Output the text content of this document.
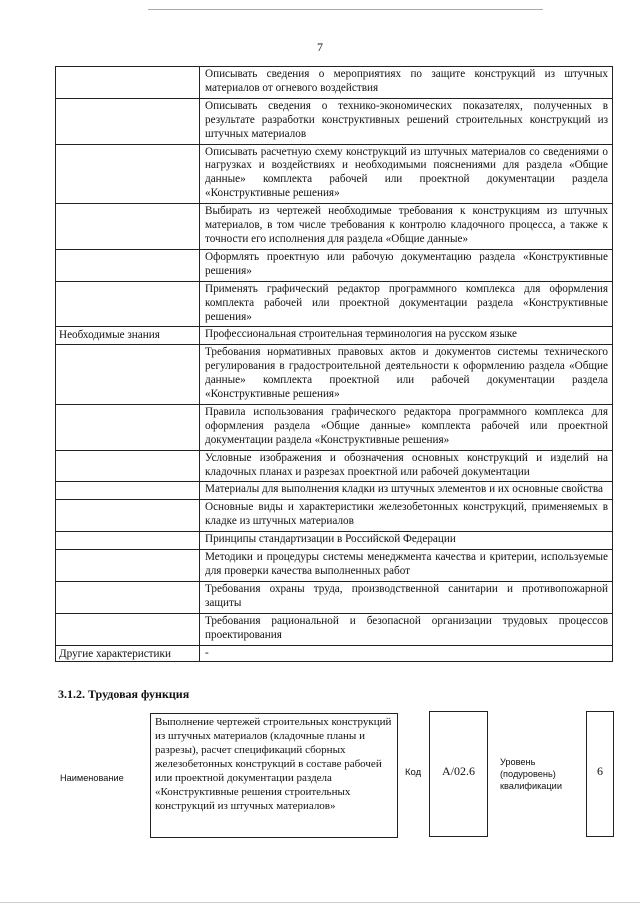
7
	Описывать сведения о мероприятиях по защите конструкций из штучных материалов от огневого воздействия
	Описывать сведения о технико-экономических показателях, полученных в результате разработки конструктивных решений строительных конструкций из штучных материалов
	Описывать расчетную схему конструкций из штучных материалов со сведениями о нагрузках и воздействиях и необходимыми пояснениями для раздела «Общие данные» комплекта рабочей или проектной документации раздела «Конструктивные решения»
	Выбирать из чертежей необходимые требования к конструкциям из штучных материалов, в том числе требования к контролю кладочного процесса, а также к точности его исполнения для раздела «Общие данные»
	Оформлять проектную или рабочую документацию раздела «Конструктивные решения»
	Применять графический редактор программного комплекса для оформления комплекта рабочей или проектной документации раздела «Конструктивные решения»
Необходимые знания	Профессиональная строительная терминология на русском языке
	Требования нормативных правовых актов и документов системы технического регулирования в градостроительной деятельности к оформлению раздела «Общие данные» комплекта проектной или рабочей документации раздела «Конструктивные решения»
	Правила использования графического редактора программного комплекса для оформления раздела «Общие данные» комплекта рабочей или проектной документации раздела «Конструктивные решения»
	Условные изображения и обозначения основных конструкций и изделий на кладочных планах и разрезах проектной или рабочей документации
	Материалы для выполнения кладки из штучных элементов и их основные свойства
	Основные виды и характеристики железобетонных конструкций, применяемых в кладке из штучных материалов
	Принципы стандартизации в Российской Федерации
	Методики и процедуры системы менеджмента качества и критерии, используемые для проверки качества выполненных работ
	Требования охраны труда, производственной санитарии и противопожарной защиты
	Требования рациональной и безопасной организации трудовых процессов проектирования
Другие характеристики	-
3.1.2. Трудовая функция
Наименование
Выполнение чертежей строительных конструкций из штучных материалов (кладочные планы и разрезы), расчет спецификаций сборных железобетонных конструкций в составе рабочей или проектной документации раздела «Конструктивные решения строительных конструкций из штучных материалов»
Код	A/02.6
Уровень (подуровень) квалификации
6
